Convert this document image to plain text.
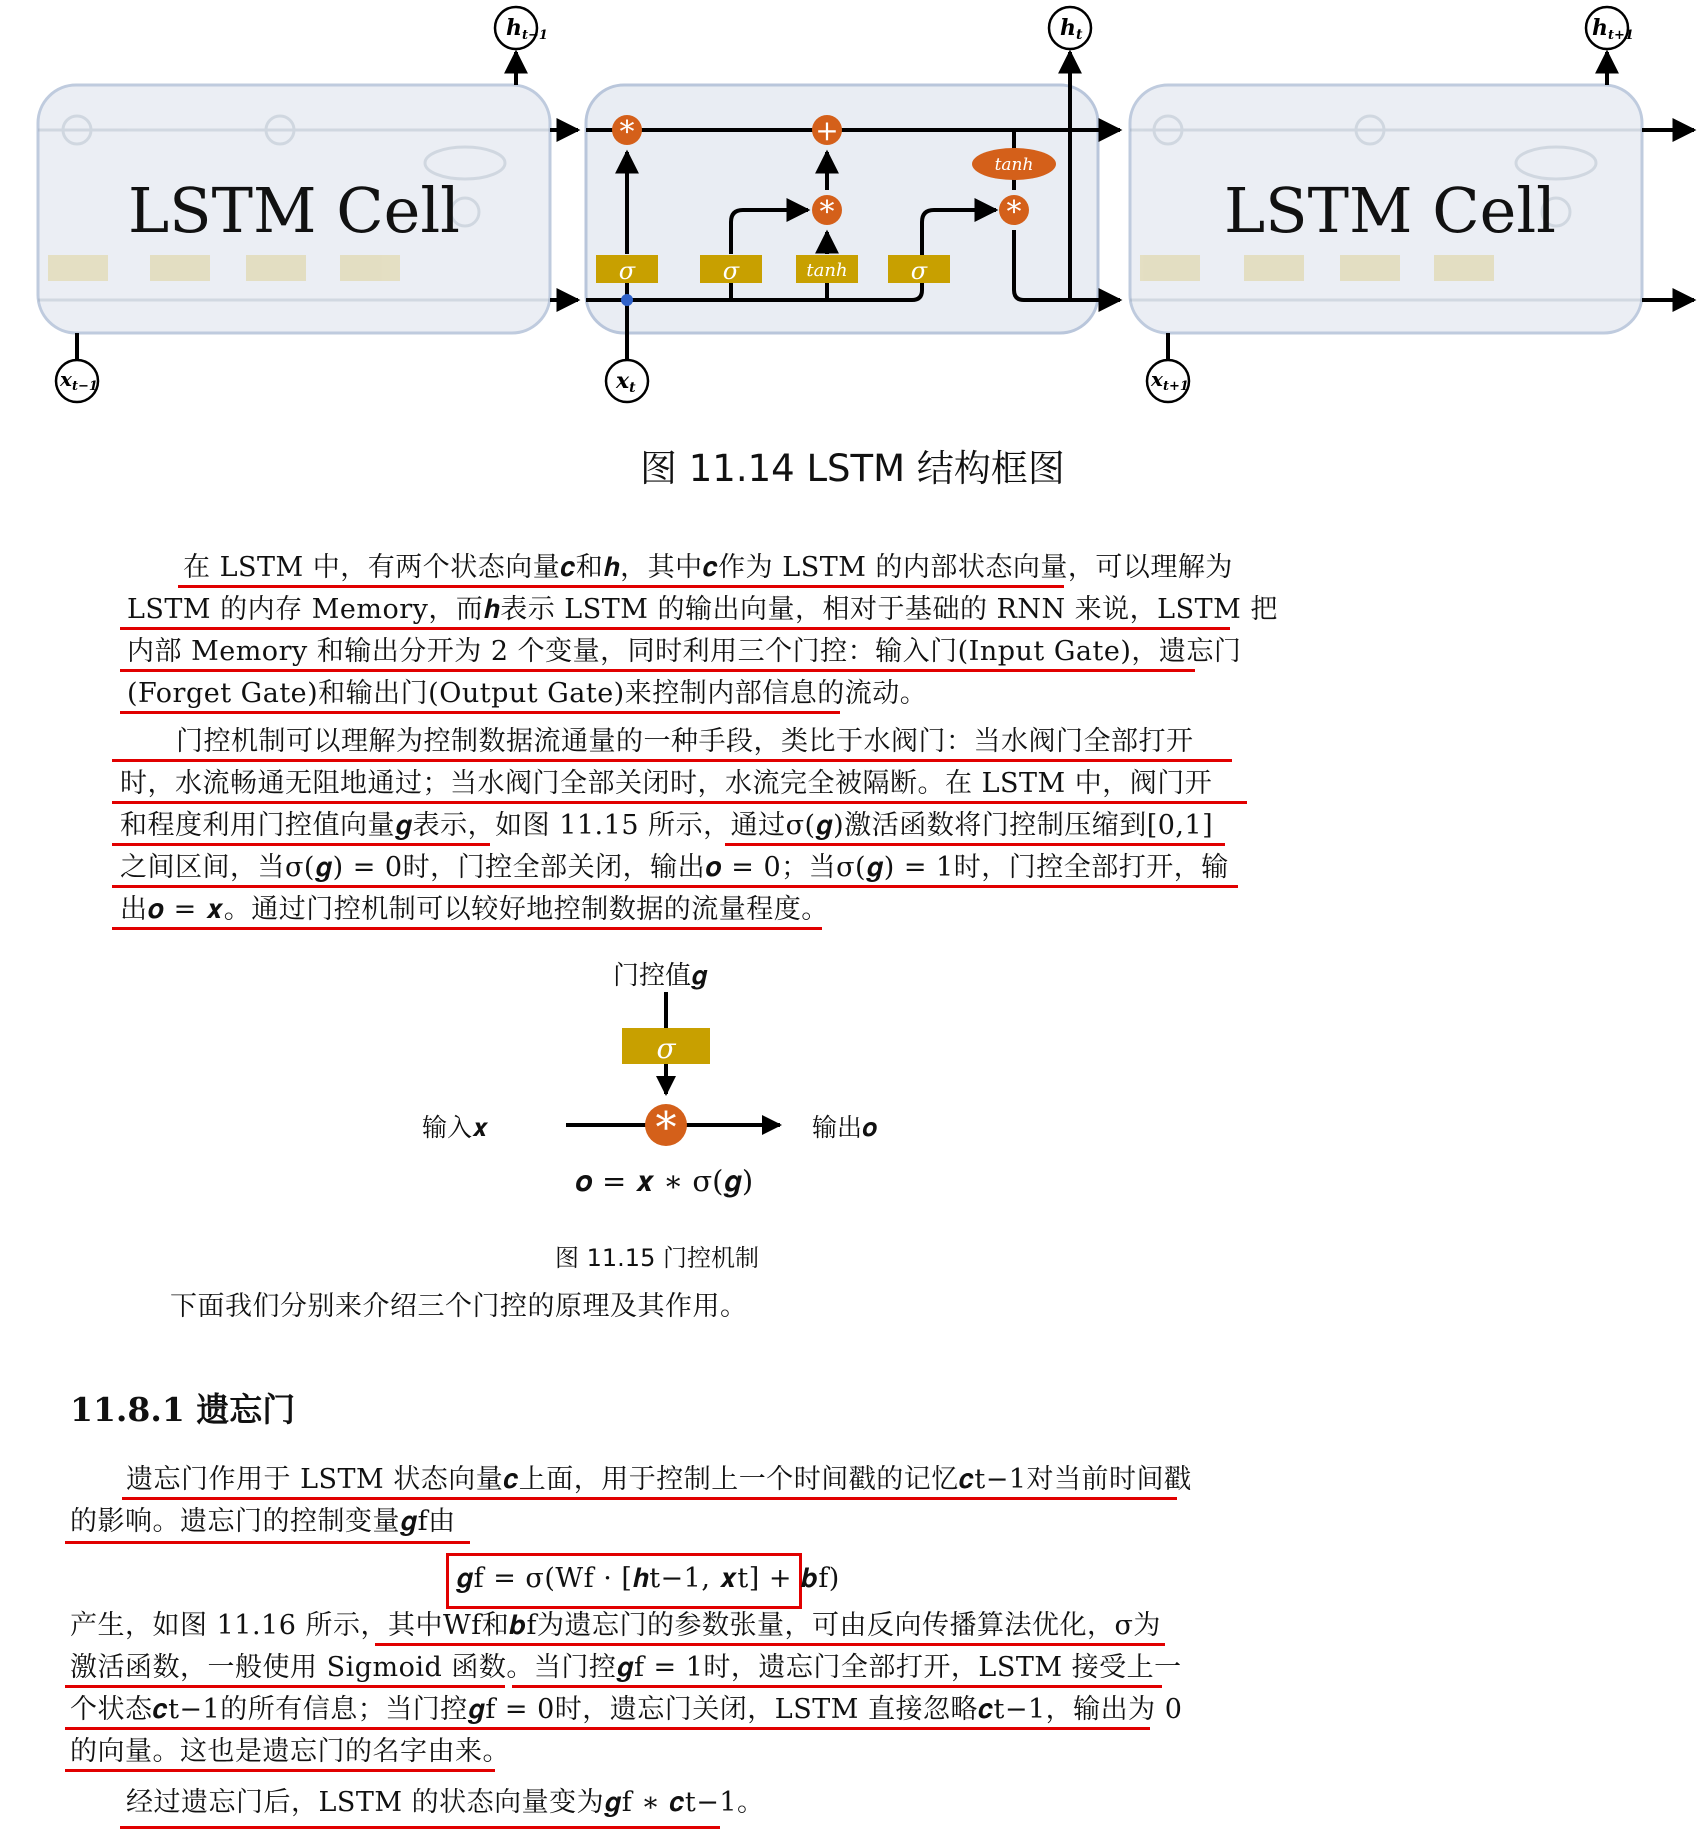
LSTM Cell	LSTM Cell
σ	σ	tanh	σ
*	+
*	*
tanh
ht−1	ht	ht+1
$x_{t-1}$	xt	$x_{t+1}$
图 11.14 LSTM 结构框图
在 LSTM 中，有两个状态向量𝒄和𝒉，其中𝒄作为 LSTM 的内部状态向量，可以理解为
LSTM 的内存 Memory，而𝒉表示 LSTM 的输出向量，相对于基础的 RNN 来说，LSTM 把
内部 Memory 和输出分开为 2 个变量，同时利用三个门控：输入门(Input Gate)，遗忘门
(Forget Gate)和输出门(Output Gate)来控制内部信息的流动。
门控机制可以理解为控制数据流通量的一种手段，类比于水阀门：当水阀门全部打开
时，水流畅通无阻地通过；当水阀门全部关闭时，水流完全被隔断。在 LSTM 中，阀门开
和程度利用门控值向量𝒈表示，如图 11.15 所示，通过σ(𝒈)激活函数将门控制压缩到[0,1]
之间区间，当σ(𝒈) = 0时，门控全部关闭，输出𝒐 = 0；当σ(𝒈) = 1时，门控全部打开，输
出𝒐 = 𝒙。通过门控机制可以较好地控制数据的流量程度。
门控值𝒈
σ
*
输入𝒙	输出𝒐
𝒐 = 𝒙 ∗ σ(𝒈)
图 11.15 门控机制
下面我们分别来介绍三个门控的原理及其作用。
11.8.1 遗忘门
遗忘门作用于 LSTM 状态向量𝒄上面，用于控制上一个时间戳的记忆𝒄t−1对当前时间戳
的影响。遗忘门的控制变量𝒈f由
𝒈f = σ(Wf · [𝒉t−1, 𝒙t] + 𝒃f)
产生，如图 11.16 所示，其中Wf和𝒃f为遗忘门的参数张量，可由反向传播算法优化，σ为
激活函数，一般使用 Sigmoid 函数。当门控𝒈f = 1时，遗忘门全部打开，LSTM 接受上一
个状态𝒄t−1的所有信息；当门控𝒈f = 0时，遗忘门关闭，LSTM 直接忽略𝒄t−1，输出为 0
的向量。这也是遗忘门的名字由来。
经过遗忘门后，LSTM 的状态向量变为𝒈f ∗ 𝒄t−1。
